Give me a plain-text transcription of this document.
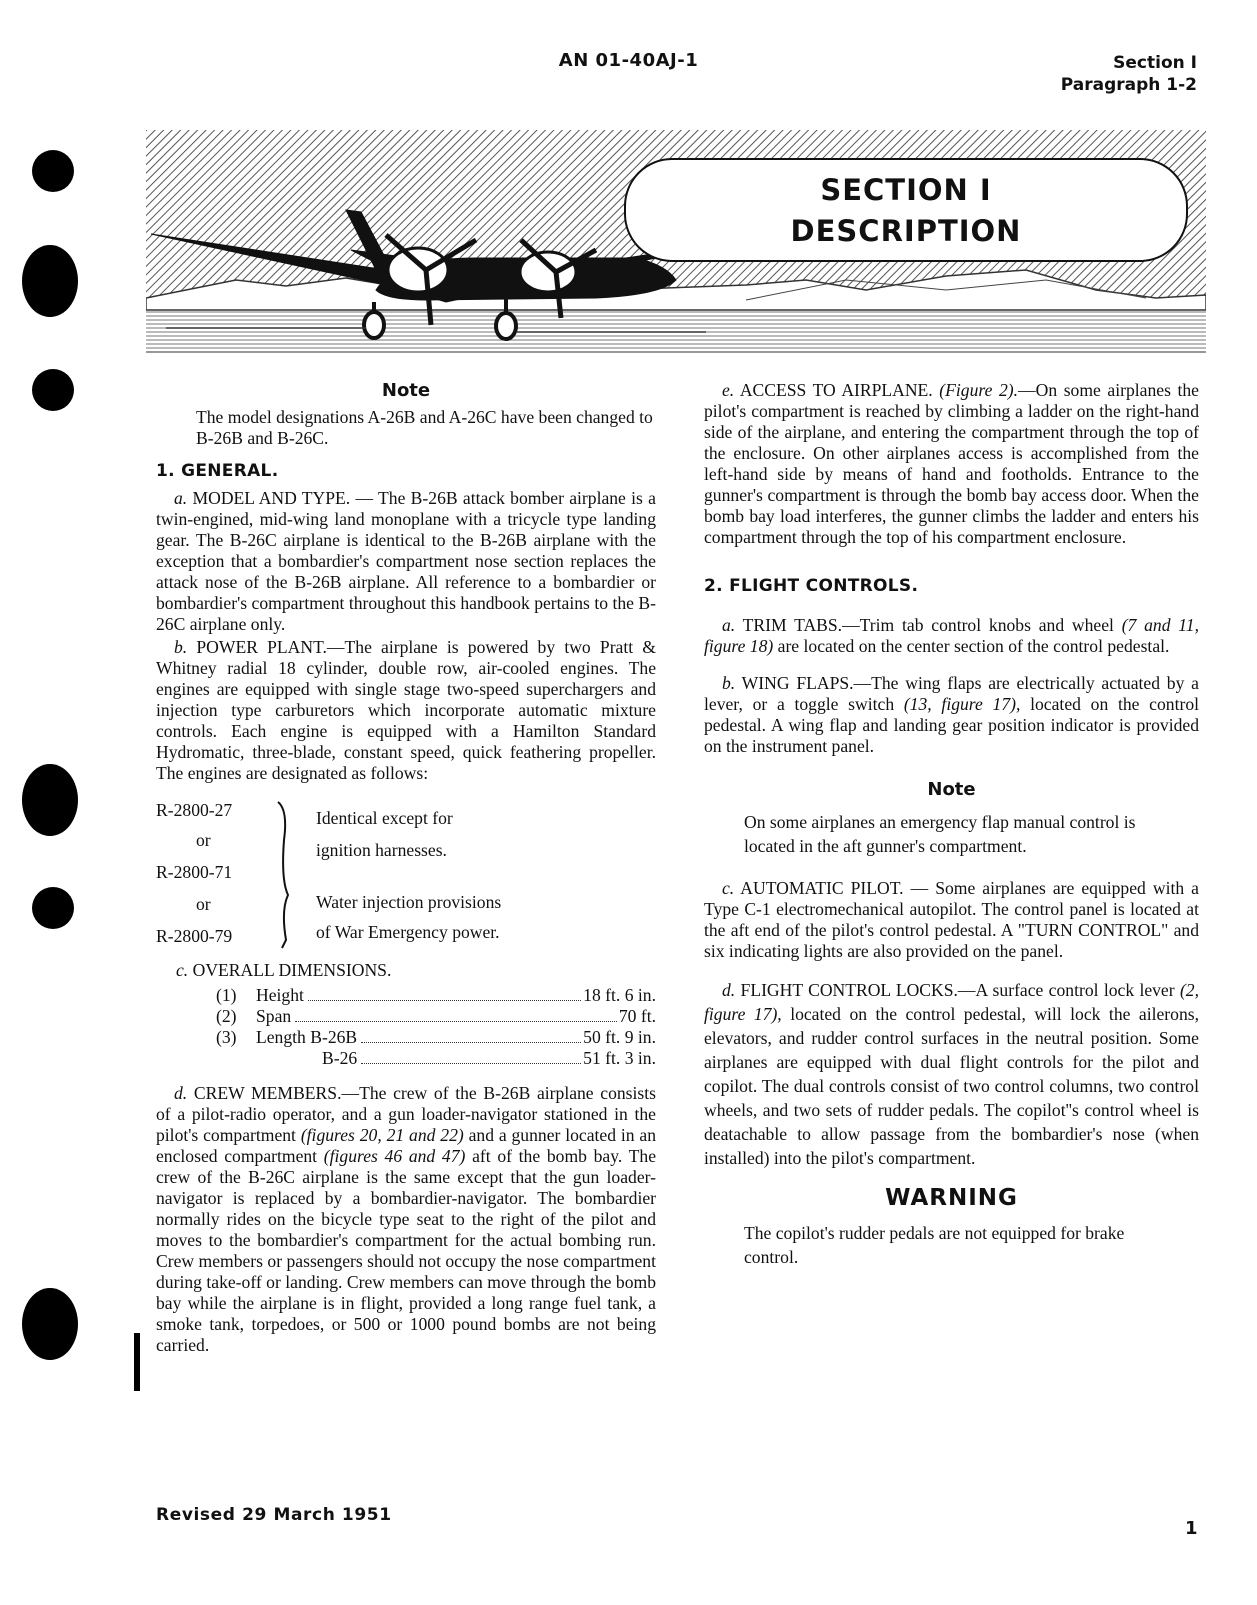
AN 01-40AJ-1	Section I
Paragraph 1-2
SECTION I
DESCRIPTION
Note

The model designations A-26B and A-26C have been changed to B-26B and B-26C.

1. GENERAL.

a. MODEL AND TYPE. — The B-26B attack bomber airplane is a twin-engined, mid-wing land monoplane with a tricycle type landing gear. The B-26C airplane is identical to the B-26B airplane with the exception that a bombardier's compartment nose section replaces the attack nose of the B-26B airplane. All reference to a bombardier or bombardier's compartment throughout this handbook pertains to the B-26C airplane only.

b. POWER PLANT.—The airplane is powered by two Pratt & Whitney radial 18 cylinder, double row, air-cooled engines. The engines are equipped with single stage two-speed superchargers and injection type carburetors which incorporate automatic mixture controls. Each engine is equipped with a Hamilton Standard Hydromatic, three-blade, constant speed, quick feathering propeller. The engines are designated as follows:

R-2800-27
or
R-2800-71
or
R-2800-79
Identical except for
ignition harnesses.
Water injection provisions
of War Emergency power.

c. OVERALL DIMENSIONS.

(1)	Height	18 ft. 6 in.
(2)	Span	70 ft.
(3)	Length B-26B	50 ft. 9 in.
B-26	51 ft. 3 in.

d. CREW MEMBERS.—The crew of the B-26B airplane consists of a pilot-radio operator, and a gun loader-navigator stationed in the pilot's compartment (figures 20, 21 and 22) and a gunner located in an enclosed compartment (figures 46 and 47) aft of the bomb bay. The crew of the B-26C airplane is the same except that the gun loader-navigator is replaced by a bombardier-navigator. The bombardier normally rides on the bicycle type seat to the right of the pilot and moves to the bombardier's compartment for the actual bombing run. Crew members or passengers should not occupy the nose compartment during take-off or landing. Crew members can move through the bomb bay while the airplane is in flight, provided a long range fuel tank, a smoke tank, torpedoes, or 500 or 1000 pound bombs are not being carried.

e. ACCESS TO AIRPLANE. (Figure 2).—On some airplanes the pilot's compartment is reached by climbing a ladder on the right-hand side of the airplane, and entering the compartment through the top of the enclosure. On other airplanes access is accomplished from the left-hand side by means of hand and footholds. Entrance to the gunner's compartment is through the bomb bay access door. When the bomb bay load interferes, the gunner climbs the ladder and enters his compartment through the top of his compartment enclosure.

2. FLIGHT CONTROLS.

a. TRIM TABS.—Trim tab control knobs and wheel (7 and 11, figure 18) are located on the center section of the control pedestal.

b. WING FLAPS.—The wing flaps are electrically actuated by a lever, or a toggle switch (13, figure 17), located on the control pedestal. A wing flap and landing gear position indicator is provided on the instrument panel.

Note

On some airplanes an emergency flap manual control is located in the aft gunner's compartment.

c. AUTOMATIC PILOT. — Some airplanes are equipped with a Type C-1 electromechanical autopilot. The control panel is located at the aft end of the pilot's control pedestal. A "TURN CONTROL" and six indicating lights are also provided on the panel.

d. FLIGHT CONTROL LOCKS.—A surface control lock lever (2, figure 17), located on the control pedestal, will lock the ailerons, elevators, and rudder control surfaces in the neutral position. Some airplanes are equipped with dual flight controls for the pilot and copilot. The dual controls consist of two control columns, two control wheels, and two sets of rudder pedals. The copilot''s control wheel is deatachable to allow passage from the bombardier's nose (when installed) into the pilot's compartment.

WARNING

The copilot's rudder pedals are not equipped for brake control.

Revised 29 March 1951
1
